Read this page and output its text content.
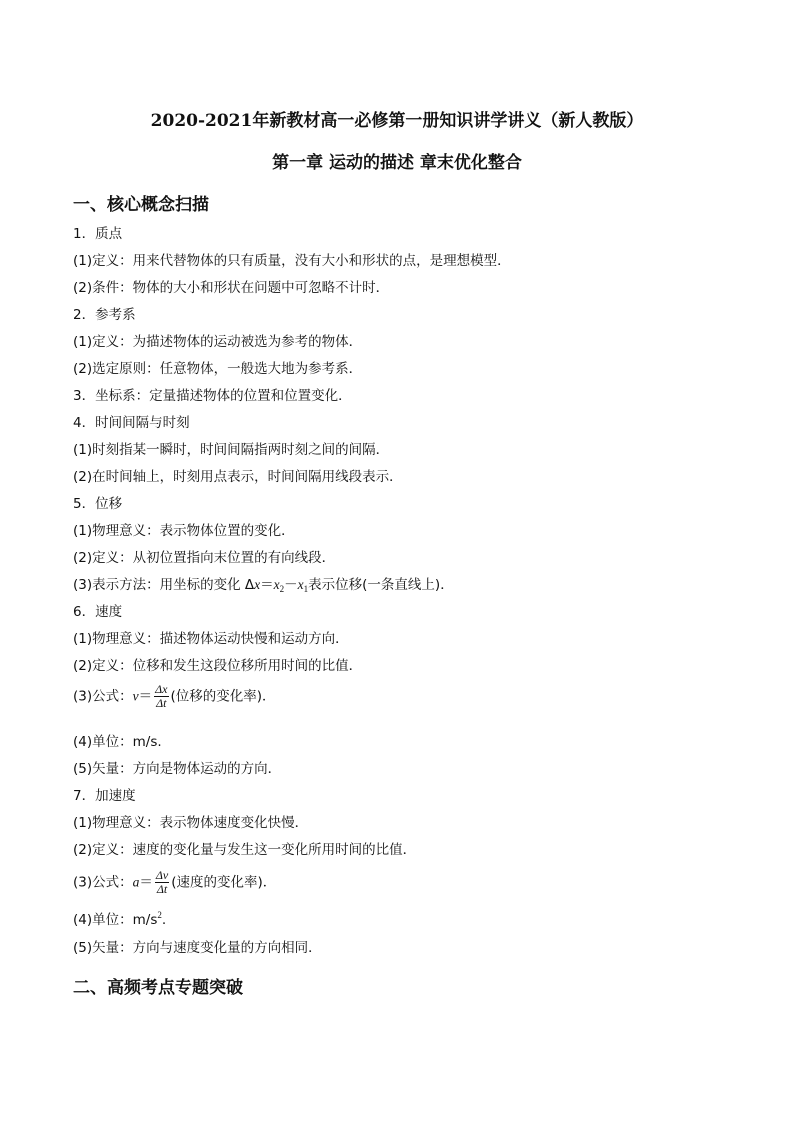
2020-2021年新教材高一必修第一册知识讲学讲义（新人教版）
第一章 运动的描述 章末优化整合
一、核心概念扫描
1．质点
(1)定义：用来代替物体的只有质量，没有大小和形状的点，是理想模型．
(2)条件：物体的大小和形状在问题中可忽略不计时．
2．参考系
(1)定义：为描述物体的运动被选为参考的物体．
(2)选定原则：任意物体，一般选大地为参考系．
3．坐标系：定量描述物体的位置和位置变化．
4．时间间隔与时刻
(1)时刻指某一瞬时，时间间隔指两时刻之间的间隔．
(2)在时间轴上，时刻用点表示，时间间隔用线段表示．
5．位移
(1)物理意义：表示物体位置的变化．
(2)定义：从初位置指向末位置的有向线段．
(3)表示方法：用坐标的变化 $\Delta x=x_2-x_1$表示位移(一条直线上)．
6．速度
(1)物理意义：描述物体运动快慢和运动方向．
(2)定义：位移和发生这段位移所用时间的比值．
(3)公式：$v= \frac{\Delta x}{\Delta t}$ (位移的变化率)．
(4)单位：m/s.
(5)矢量：方向是物体运动的方向．
7．加速度
(1)物理意义：表示物体速度变化快慢．
(2)定义：速度的变化量与发生这一变化所用时间的比值．
(3)公式：$a= \frac{\Delta v}{\Delta t}$ (速度的变化率)．
(4)单位：$m/s^2$.
(5)矢量：方向与速度变化量的方向相同．
二、高频考点专题突破
